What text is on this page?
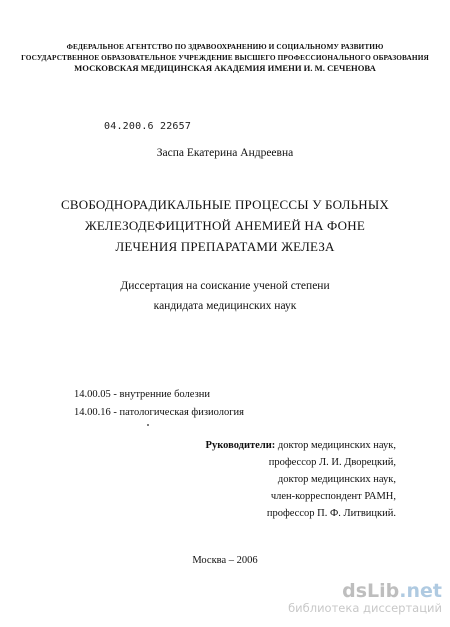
ФЕДЕРАЛЬНОЕ АГЕНТСТВО ПО ЗДРАВООХРАНЕНИЮ И СОЦИАЛЬНОМУ РАЗВИТИЮ
ГОСУДАРСТВЕННОЕ ОБРАЗОВАТЕЛЬНОЕ УЧРЕЖДЕНИЕ ВЫСШЕГО ПРОФЕССИОНАЛЬНОГО ОБРАЗОВАНИЯ
МОСКОВСКАЯ МЕДИЦИНСКАЯ АКАДЕМИЯ ИМЕНИ И. М. СЕЧЕНОВА
04.200.6 22657
Заспа Екатерина Андреевна
СВОБОДНОРАДИКАЛЬНЫЕ ПРОЦЕССЫ У БОЛЬНЫХ
ЖЕЛЕЗОДЕФИЦИТНОЙ АНЕМИЕЙ НА ФОНЕ
ЛЕЧЕНИЯ ПРЕПАРАТАМИ ЖЕЛЕЗА
Диссертация на соискание ученой степени
кандидата медицинских наук
14.00.05 - внутренние болезни
14.00.16 - патологическая физиология
Руководители: доктор медицинских наук,
профессор Л. И. Дворецкий,
доктор медицинских наук,
член-корреспондент РАМН,
профессор П. Ф. Литвицкий.
Москва – 2006
dsLib.net
библиотека диссертаций
